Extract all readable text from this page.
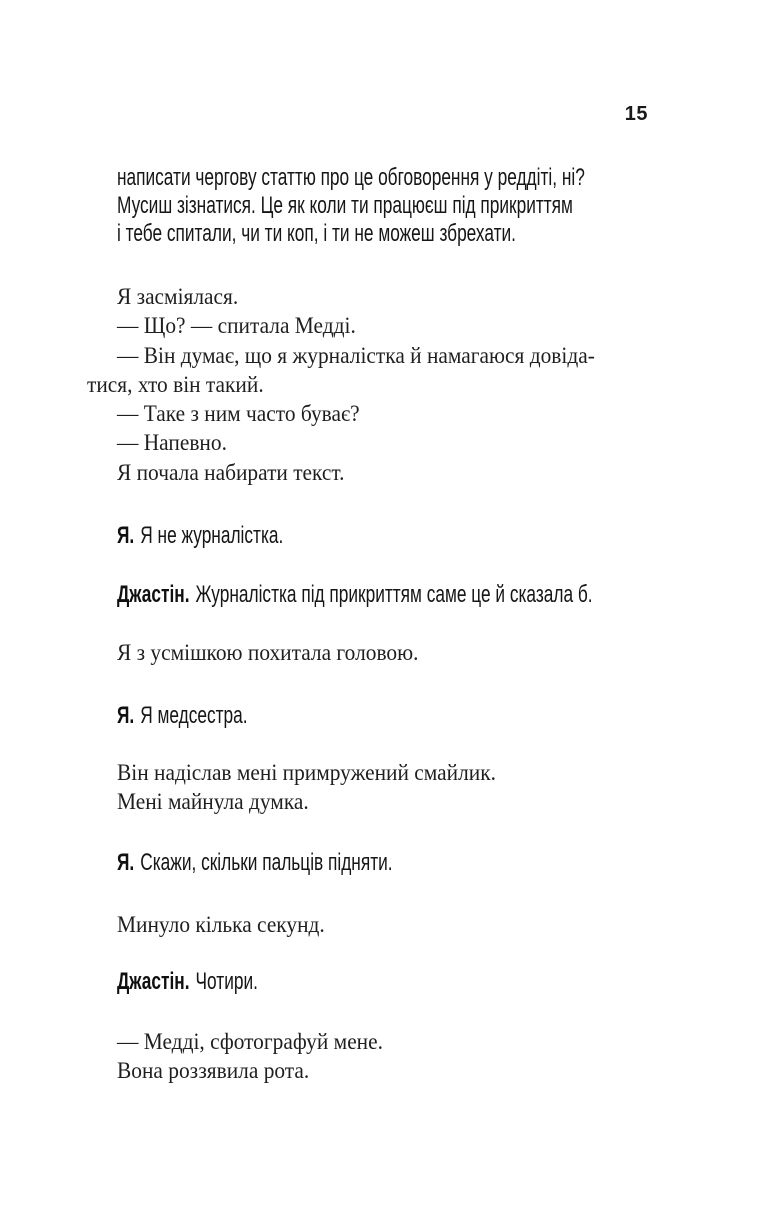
15
написати чергову статтю про це обговорення у реддіті, ні?
Мусиш зізнатися. Це як коли ти працюєш під прикриттям
і тебе спитали, чи ти коп, і ти не можеш збрехати.
Я засміялася.
— Що? — спитала Медді.
— Він думає, що я журналістка й намагаюся довіда-
тися, хто він такий.
— Таке з ним часто буває?
— Напевно.
Я почала набирати текст.
Я. Я не журналістка.
Джастін. Журналістка під прикриттям саме це й сказала б.
Я з усмішкою похитала головою.
Я. Я медсестра.
Він надіслав мені примружений смайлик.
Мені майнула думка.
Я. Скажи, скільки пальців підняти.
Минуло кілька секунд.
Джастін. Чотири.
— Медді, сфотографуй мене.
Вона роззявила рота.
